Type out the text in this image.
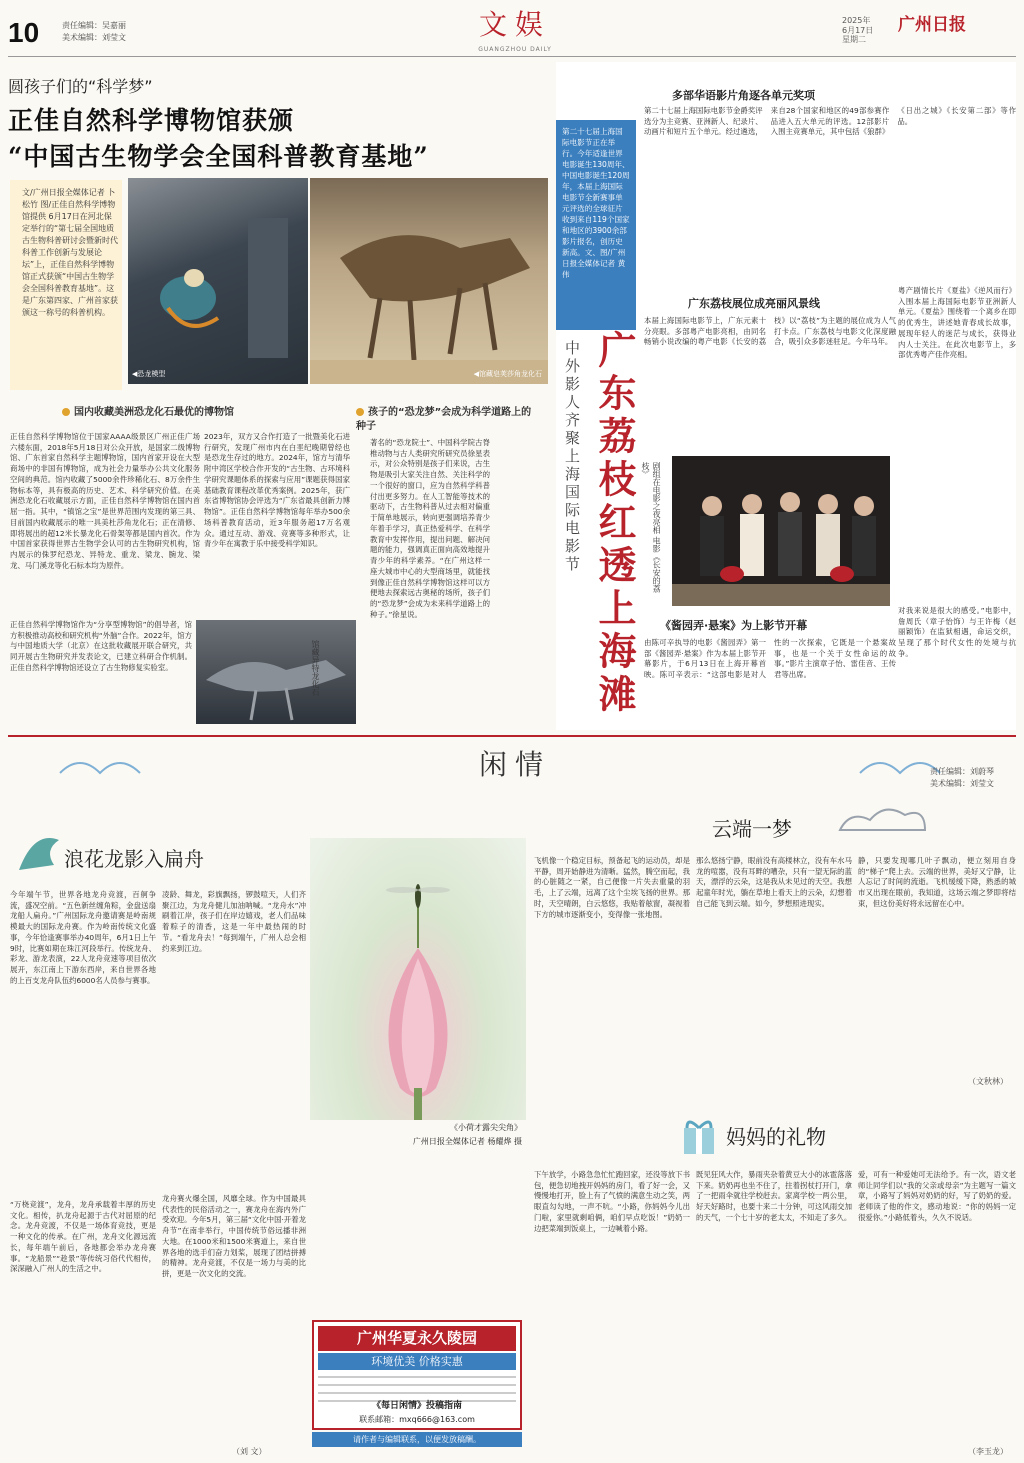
10	责任编辑：吴嘉丽
美术编辑：刘莹文	文娱
GUANGZHOU DAILY
2025年
6月17日
星期二
广州日报
圆孩子们的“科学梦”
正佳自然科学博物馆获颁
“中国古生物学会全国科普教育基地”
文/广州日报全媒体记者 卜松竹 图/正佳自然科学博物馆提供 6月17日在河北保定举行的“第七届全国地质古生物科普研讨会暨新时代科普工作创新与发展论坛”上，正佳自然科学博物馆正式获颁“中国古生物学会全国科普教育基地”。这是广东第四家、广州首家获颁这一称号的科普机构。
◀恐龙模型	◀馆藏皂荚莎角龙化石
国内收藏美洲恐龙化石最优的博物馆	孩子的“恐龙梦”会成为科学道路上的种子
正佳自然科学博物馆位于国家AAAA级景区广州正佳广场六楼东面，2018年5月18日对公众开放，是国家二级博物馆、广东首家自然科学主题博物馆，国内首家开设在大型商场中的非国有博物馆，成为社会力量举办公共文化服务空间的典范。馆内收藏了5000余件珍稀化石、8万余件生物标本等，具有极高的历史、艺术、科学研究价值。在美洲恐龙化石收藏展示方面，正佳自然科学博物馆在国内首屈一指。其中，“镇馆之宝”是世界范围内发现的第三具、目前国内收藏展示的唯一具美杜莎角龙化石；正在清修、即将展出的超12米长暴龙化石骨架等都是国内首次。作为中国首家获得世界古生物学会认可的古生物研究机构，馆内展示的侏罗纪恐龙、异特龙、重龙、梁龙、腕龙、梁龙、马门溪龙等化石标本均为原件。
正佳自然科学博物馆作为“分享型博物馆”的倡导者，馆方积极推动高校和研究机构“外脑”合作。2022年，馆方与中国地质大学（北京）在这批收藏展开联合研究，共同开展古生物研究并发表论文，已建立科研合作机制。正佳自然科学博物馆还设立了古生物修复实验室。
2023年，双方又合作打造了一批暨美化石进行研究，发现广州市内在白垩纪晚期曾经也是恐龙生存过的地方。2024年，馆方与清华附中湾区学校合作开发的“古生物、古环境科学研究课题体系的探索与应用”课题获得国家基础教育课程改革优秀案例。2025年，获广东省博物馆协会评选为“广东省最具创新力博物馆”。正佳自然科学博物馆每年举办500余场科普教育活动，近3年服务超17万名观众。通过互动、游戏、竞赛等多种形式，让青少年在寓教于乐中接受科学知识。
著名的“恐龙院士”、中国科学院古脊椎动物与古人类研究所研究员徐星表示，对公众特别是孩子们来说，古生物是吸引大家关注自然、关注科学的一个很好的窗口，应为自然科学科普付出更多努力。在人工智能等技术的驱动下，古生物科普从过去相对偏重于简单地展示，转向更强调培养青少年着手学习，真正热爱科学、在科学教育中发挥作用，提出问题、解决问题的能力，强调真正面向高效地提升青少年的科学素养。“在广州这样一座大城市中心的大型商场里，就能找到像正佳自然科学博物馆这样可以方便地去探索远古奥秘的场所，孩子们的“恐龙梦”会成为未来科学道路上的种子。”徐星说。
馆藏异特龙化石
第二十七届上海国际电影节正在举行。今年适逢世界电影诞生130周年、中国电影诞生120周年，本届上海国际电影节全新赛事单元评选的全球征片收到来自119个国家和地区的3900余部影片报名，创历史新高。文、图/广州日报全媒体记者 黄伟
中外影人齐聚上海国际电影节 广东荔枝红透上海滩
多部华语影片角逐各单元奖项
第二十七届上海国际电影节金爵奖评选分为主竞赛、亚洲新人、纪录片、动画片和短片五个单元。经过遴选，来自28个国家和地区的49部参赛作品进入五大单元的评选。12部影片入围主竞赛单元，其中包括《狼群》《日出之城》《长安第二部》等作品。
广东荔枝展位成亮丽风景线
本届上海国际电影节上，广东元素十分亮眼。多部粤产电影亮相，由同名畅销小说改编的粤产电影《长安的荔枝》以“荔枝”为主题的展位成为人气打卡点。广东荔枝与电影文化深度融合，吸引众多影迷驻足。今年马年。
粤产剧情长片《夏盐》《逆风而行》入围本届上海国际电影节亚洲新人单元。《夏盐》围绕着一个离乡在即的优秀生，讲述她青春成长故事，展现年轻人的迷茫与成长，获得业内人士关注。在此次电影节上，多部优秀粤产佳作亮相。
剧组在电影之夜亮相 电影《长安的荔枝》
《酱园弄·悬案》为上影节开幕
由陈可辛执导的电影《酱园弄》第一部《酱园弄·悬案》作为本届上影节开幕影片，于6月13日在上海开幕首映。陈可辛表示：“这部电影是对人性的一次探索，它既是一个悬案故事，也是一个关于女性命运的故事。”影片主演章子怡、雷佳音、王传君等出席。
对我来说是很大的感受。”电影中，詹周氏（章子怡饰）与王许梅（赵丽颖饰）在监狱相遇，命运交织，呈现了那个时代女性的处境与抗争。
闲情	责任编辑：刘蔚琴
美术编辑：刘莹文
浪花龙影入扁舟
今年端午节，世界各地龙舟竞渡，百舸争流，盛况空前。“五色新丝缠角粽，金盘送扇龙船人扁舟。”广州国际龙舟邀请赛是岭南规模最大的国际龙舟赛。作为岭南传统文化盛事，今年恰逢赛事举办40周年，6月1日上午9时，比赛如期在珠江河段举行。传统龙舟、彩龙、游龙表演，22人龙舟竞速等项目依次展开，东江南上下游东西岸，来自世界各地的上百支龙舟队伍约6000名人员参与赛事。
“万桡竞渡”，龙舟，龙舟承载着丰厚的历史文化。相传，扒龙舟起源于古代对屈原的纪念。龙舟竞渡，不仅是一场体育竞技，更是一种文化的传承。在广州，龙舟文化源远流长，每年端午前后，各地都会举办龙舟赛事。“龙船景”“趁景”等传统习俗代代相传，深深融入广州人的生活之中。
凌龄、舞龙，彩旗飘扬，锣鼓喧天，人们齐聚江边，为龙舟健儿加油呐喊。“龙舟水”冲刷着江岸，孩子们在岸边嬉戏，老人们品味着粽子的清香，这是一年中最热闹的时节。“看龙舟去！”每到端午，广州人总会相约来到江边。
龙舟赛火爆全国，风靡全球。作为中国最具代表性的民俗活动之一，赛龙舟在海内外广受欢迎。今年5月，第三届“文化中国·开着龙舟节”在南非举行，中国传统节俗远播非洲大地。在1000米和1500米赛道上，来自世界各地的选手们奋力划桨，展现了团结拼搏的精神。龙舟竞渡，不仅是一场力与美的比拼，更是一次文化的交流。
（刘 文）
《小荷才露尖尖角》
广州日报全媒体记者 杨耀烨 摄
广州华夏永久陵园
环境优美 价格实惠
《每日闲情》投稿指南
联系邮箱：mxq666@163.com
请作者与编辑联系，以便发放稿酬。
云端一梦
飞机像一个稳定目标，预备起飞的运动员，却是平静，周开始静进为清晰。猛然，腾空而起，我的心脏随之一紧，自己便像一片失去重量的羽毛，上了云端，远离了这个尘埃飞扬的世界。那时，天空晴朗，白云悠悠，我贴着舷窗，凝视着下方的城市逐渐变小，变得像一张地图。
那么悠扬宁静，眼前没有高楼林立，没有车水马龙的喧嚣，没有耳畔的嘈杂，只有一望无际的蓝天，漂浮的云朵，这是我从未见过的天空。我想起童年时光，躺在草地上看天上的云朵，幻想着自己能飞到云端。如今，梦想照进现实。
静，只要发现哪几叶子飘动，便立刻用自身的“梯子”爬上去。云端的世界，美好又宁静，让人忘记了时间的流逝。飞机缓缓下降，熟悉的城市又出现在眼前，我知道，这场云端之梦即将结束，但这份美好将永远留在心中。
（文秋林）
妈妈的礼物
下午放学，小路急急忙忙跑回家，还没等放下书包，便急切地拽开妈妈的房门，看了好一会，又慢慢地打开，脸上有了气愤的满意生动之笑，两眼直勾勾地，一声不吭。“小路，你妈妈今儿出门啦，家里就剩咱俩，咱们早点吃饭！”奶奶一边把菜端到饭桌上，一边喊着小路。
既见狂风大作，暴雨夹杂着黄豆大小的冰雹落落下来。奶奶再也坐不住了，拄着拐杖打开门，拿了一把雨伞就往学校赶去。家离学校一两公里，好天好路时，也要十来二十分钟，可这风雨交加的天气，一个七十岁的老太太，不知走了多久。
爱，可有一种爱她可无法给予。有一次，语文老师让同学们以“我的父亲或母亲”为主题写一篇文章，小路写了妈妈对奶奶的好，写了奶奶的爱。老师读了他的作文，感动地说：“你的妈妈一定很爱你。”小路低着头，久久不说话。
（李玉龙）
